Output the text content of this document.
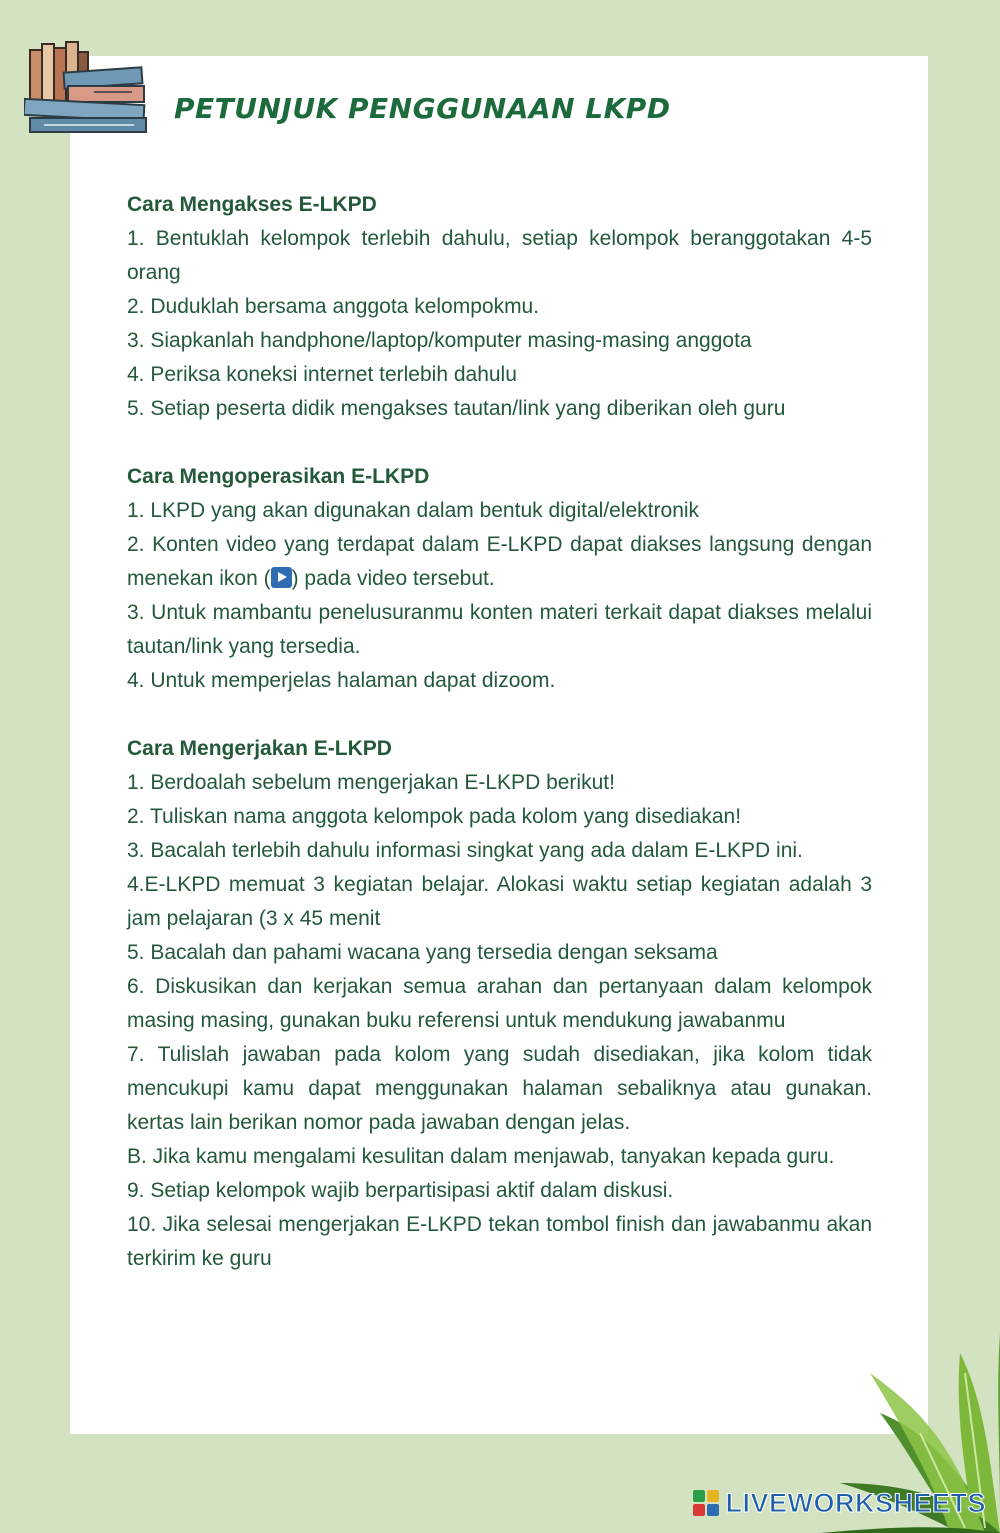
PETUNJUK PENGGUNAAN LKPD

Cara Mengakses E-LKPD

1. Bentuklah kelompok terlebih dahulu, setiap kelompok beranggotakan 4-5 orang

2. Duduklah bersama anggota kelompokmu.

3. Siapkanlah handphone/laptop/komputer masing-masing anggota

4. Periksa koneksi internet terlebih dahulu

5. Setiap peserta didik mengakses tautan/link yang diberikan oleh guru

Cara Mengoperasikan E-LKPD

1. LKPD yang akan digunakan dalam bentuk digital/elektronik

2. Konten video yang terdapat dalam E-LKPD dapat diakses langsung dengan menekan ikon ( ) pada video tersebut.

3. Untuk mambantu penelusuranmu konten materi terkait dapat diakses melalui tautan/link yang tersedia.

4. Untuk memperjelas halaman dapat dizoom.

Cara Mengerjakan E-LKPD

1. Berdoalah sebelum mengerjakan E-LKPD berikut!

2. Tuliskan nama anggota kelompok pada kolom yang disediakan!

3. Bacalah terlebih dahulu informasi singkat yang ada dalam E-LKPD ini.

4.E-LKPD memuat 3 kegiatan belajar. Alokasi waktu setiap kegiatan adalah 3 jam pelajaran (3 x 45 menit

5. Bacalah dan pahami wacana yang tersedia dengan seksama

6. Diskusikan dan kerjakan semua arahan dan pertanyaan dalam kelompok masing masing, gunakan buku referensi untuk mendukung jawabanmu

7. Tulislah jawaban pada kolom yang sudah disediakan, jika kolom tidak mencukupi kamu dapat menggunakan halaman sebaliknya atau gunakan. kertas lain berikan nomor pada jawaban dengan jelas.

B. Jika kamu mengalami kesulitan dalam menjawab, tanyakan kepada guru.

9. Setiap kelompok wajib berpartisipasi aktif dalam diskusi.

10. Jika selesai mengerjakan E-LKPD tekan tombol finish dan jawabanmu akan terkirim ke guru

LIVEWORKSHEETS
